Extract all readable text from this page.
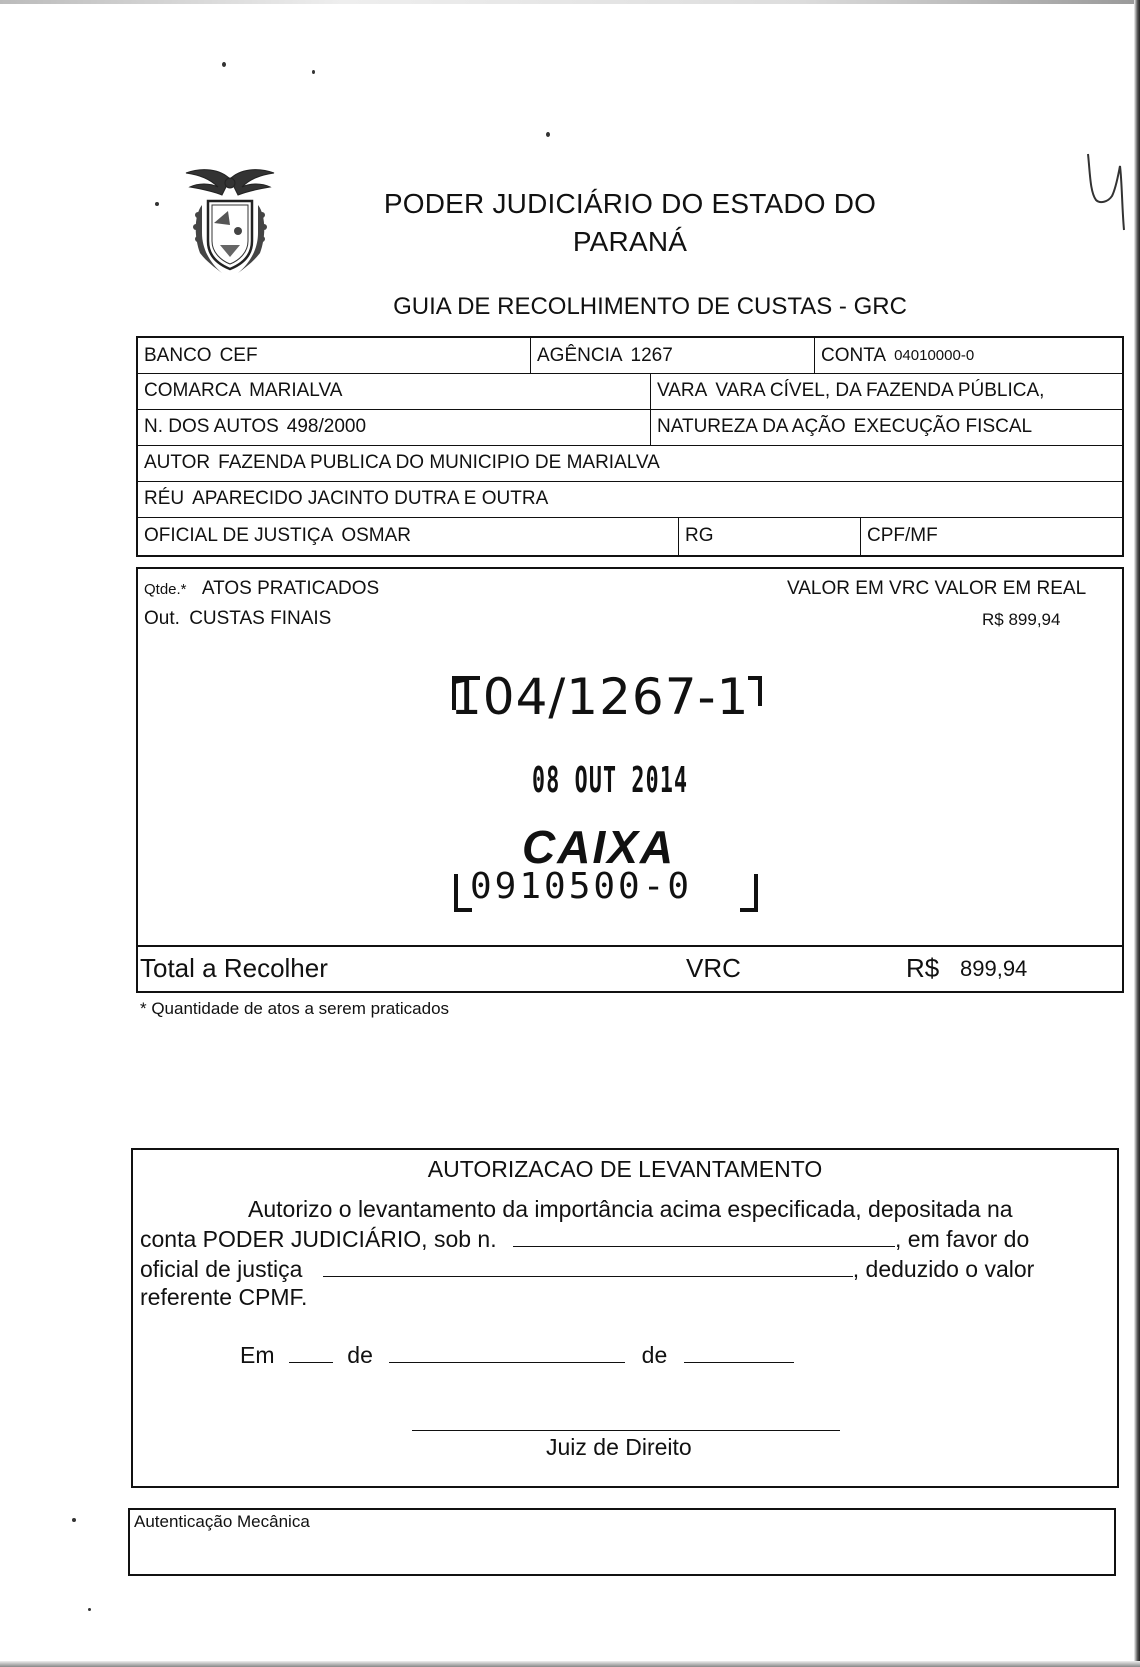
PODER JUDICIÁRIO DO ESTADO DO PARANÁ
GUIA DE RECOLHIMENTO DE CUSTAS - GRC
BANCO CEF	AGÊNCIA 1267	CONTA 04010000-0
COMARCA MARIALVA	VARA VARA CÍVEL, DA FAZENDA PÚBLICA,
N. DOS AUTOS 498/2000	NATUREZA DA AÇÃO EXECUÇÃO FISCAL
AUTOR FAZENDA PUBLICA DO MUNICIPIO DE MARIALVA
RÉU APARECIDO JACINTO DUTRA E OUTRA
OFICIAL DE JUSTIÇA OSMAR	RG	CPF/MF
Qtde.* ATOS PRATICADOS	VALOR EM VRC VALOR EM REAL
Out. CUSTAS FINAIS	R$ 899,94
104/1267-1
08 OUT 2014
CAIXA
0910500-0
Total a Recolher	VRC	R$ 899,94
* Quantidade de atos a serem praticados
AUTORIZACAO DE LEVANTAMENTO
Autorizo o levantamento da importância acima especificada, depositada na
conta PODER JUDICIÁRIO, sob n.	, em favor do
oficial de justiça	, deduzido o valor
referente CPMF.
Em	de	de
Juiz de Direito
Autenticação Mecânica
